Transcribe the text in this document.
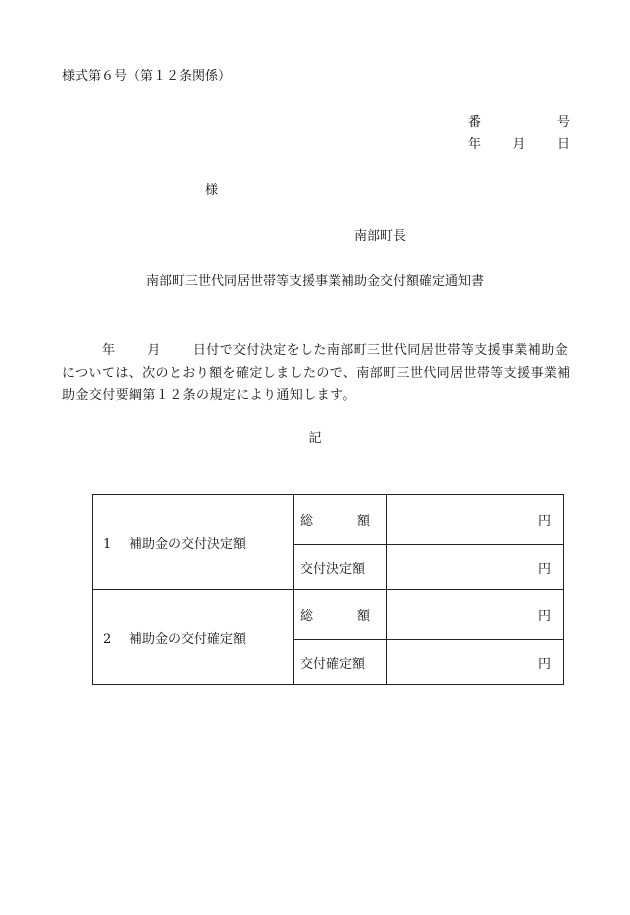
様式第６号（第１２条関係）
番	号
年 月 日
様
南部町長
南部町三世代同居世帯等支援事業補助金交付額確定通知書
年 月 日付で交付決定をした南部町三世代同居世帯等支援事業補助金については、次のとおり額を確定しましたので、南部町三世代同居世帯等支援事業補助金交付要綱第１２条の規定により通知します。
記
1 補助金の交付決定額	総 額	円
	交付決定額	円
2 補助金の交付確定額	総 額	円
	交付確定額	円
